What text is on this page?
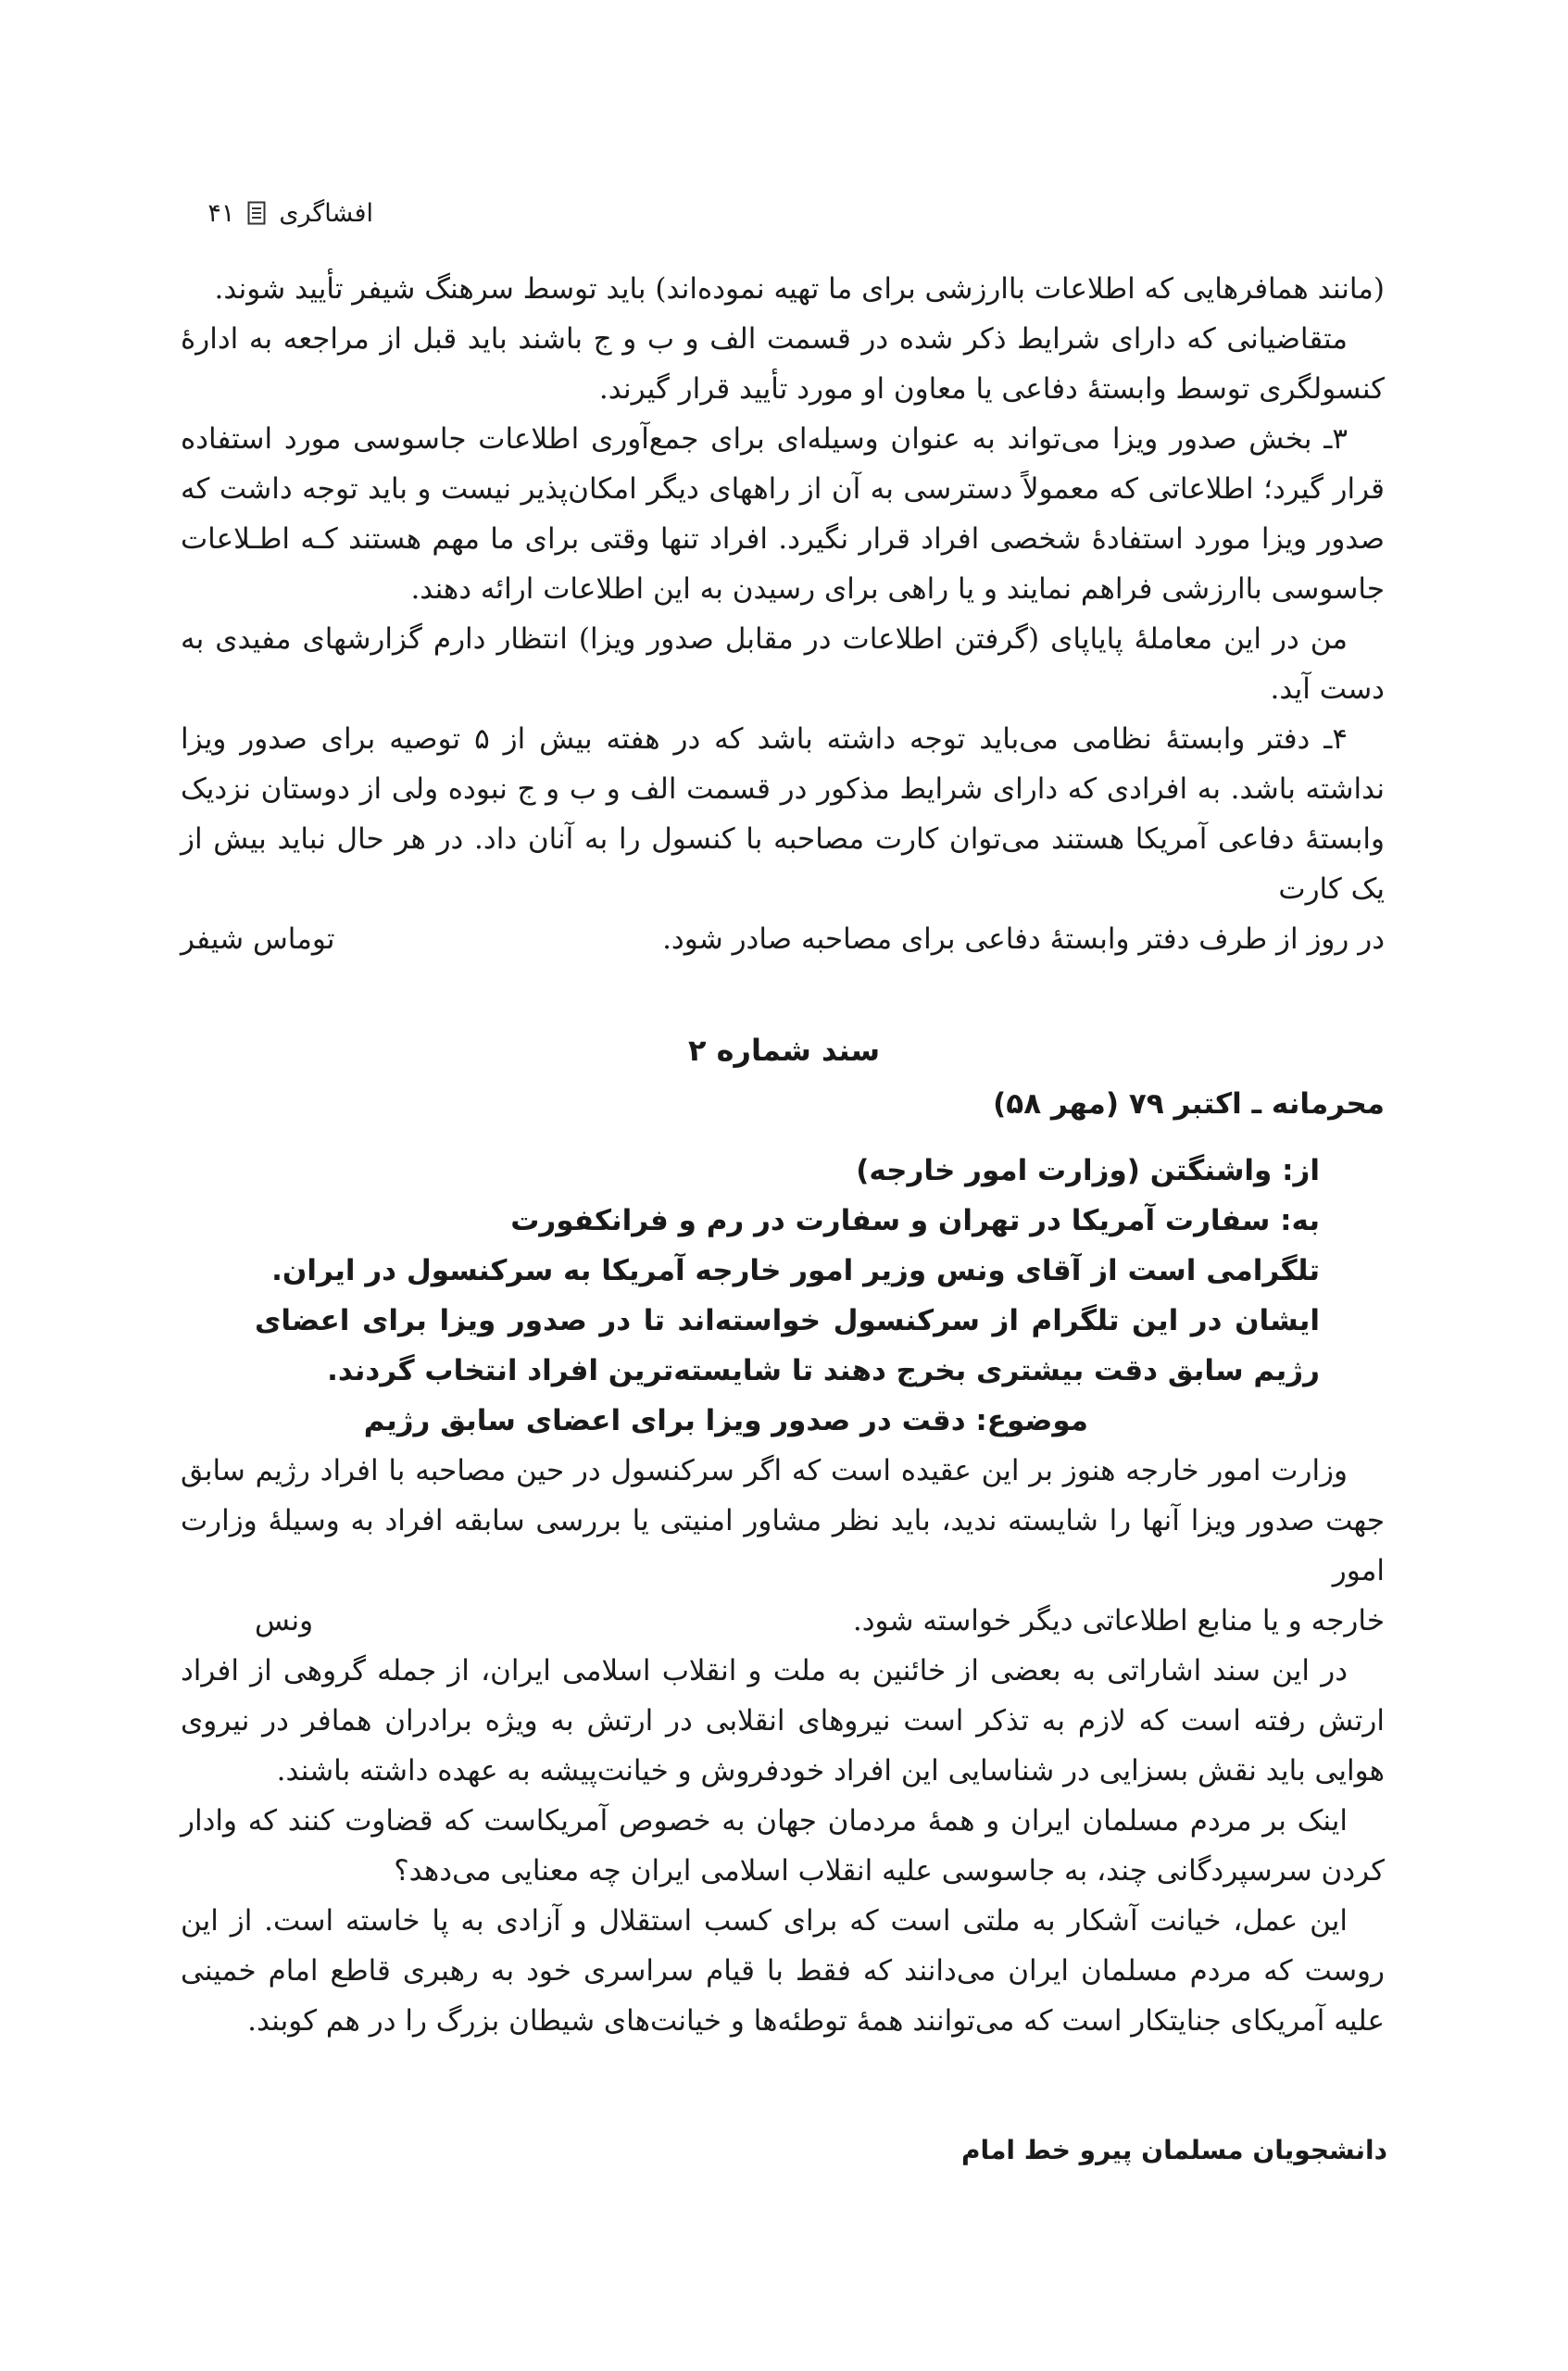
افشاگری
۴۱

(مانند همافرهایی که اطلاعات باارزشی برای ما تهیه نموده‌اند) باید توسط سرهنگ شیفر تأیید شوند.

متقاضیانی که دارای شرایط ذکر شده در قسمت الف و ب و ج باشند باید قبل از مراجعه به ادارهٔ کنسولگری توسط وابستهٔ دفاعی یا معاون او مورد تأیید قرار گیرند.

۳ـ بخش صدور ویزا می‌تواند به عنوان وسیله‌ای برای جمع‌آوری اطلاعات جاسوسی مورد استفاده قرار گیرد؛ اطلاعاتی که معمولاً دسترسی به آن از راههای دیگر امکان‌پذیر نیست و باید توجه داشت که صدور ویزا مورد استفادهٔ شخصی افراد قرار نگیرد. افراد تنها وقتی برای ما مهم هستند کـه اطـلاعات جاسوسی باارزشی فراهم نمایند و یا راهی برای رسیدن به این اطلاعات ارائه دهند.

من در این معاملهٔ پایاپای (گرفتن اطلاعات در مقابل صدور ویزا) انتظار دارم گزارشهای مفیدی به دست آید.

۴ـ دفتر وابستهٔ نظامی می‌باید توجه داشته باشد که در هفته بیش از ۵ توصیه برای صدور ویزا نداشته باشد. به افرادی که دارای شرایط مذکور در قسمت الف و ب و ج نبوده ولی از دوستان نزدیک وابستهٔ دفاعی آمریکا هستند می‌توان کارت مصاحبه با کنسول را به آنان داد. در هر حال نباید بیش از یک کارت

در روز از طرف دفتر وابستهٔ دفاعی برای مصاحبه صادر شود.
توماس شیفر
سند شماره ۲

محرمانه ـ اکتبر ۷۹ (مهر ۵۸)

از: واشنگتن (وزارت امور خارجه)

به: سفارت آمریکا در تهران و سفارت در رم و فرانکفورت

تلگرامی است از آقای ونس وزیر امور خارجه آمریکا به سرکنسول در ایران.

ایشان در این تلگرام از سرکنسول خواسته‌اند تا در صدور ویزا برای اعضای رژیم سابق دقت بیشتری بخرج دهند تا شایسته‌ترین افراد انتخاب گردند.

موضوع: دقت در صدور ویزا برای اعضای سابق رژیم

وزارت امور خارجه هنوز بر این عقیده است که اگر سرکنسول در حین مصاحبه با افراد رژیم سابق جهت صدور ویزا آنها را شایسته ندید، باید نظر مشاور امنیتی یا بررسی سابقه افراد به وسیلهٔ وزارت امور

خارجه و یا منابع اطلاعاتی دیگر خواسته شود.
ونس

در این سند اشاراتی به بعضی از خائنین به ملت و انقلاب اسلامی ایران، از جمله گروهی از افراد ارتش رفته است که لازم به تذکر است نیروهای انقلابی در ارتش به ویژه برادران همافر در نیروی هوایی باید نقش بسزایی در شناسایی این افراد خودفروش و خیانت‌پیشه به عهده داشته باشند.

اینک بر مردم مسلمان ایران و همهٔ مردمان جهان به خصوص آمریکاست که قضاوت کنند که وادار کردن سرسپردگانی چند، به جاسوسی علیه انقلاب اسلامی ایران چه معنایی می‌دهد؟

این عمل، خیانت آشکار به ملتی است که برای کسب استقلال و آزادی به پا خاسته است. از این روست که مردم مسلمان ایران می‌دانند که فقط با قیام سراسری خود به رهبری قاطع امام خمینی علیه آمریکای جنایتکار است که می‌توانند همهٔ توطئه‌ها و خیانت‌های شیطان بزرگ را در هم کوبند.

دانشجویان مسلمان پیرو خط امام
